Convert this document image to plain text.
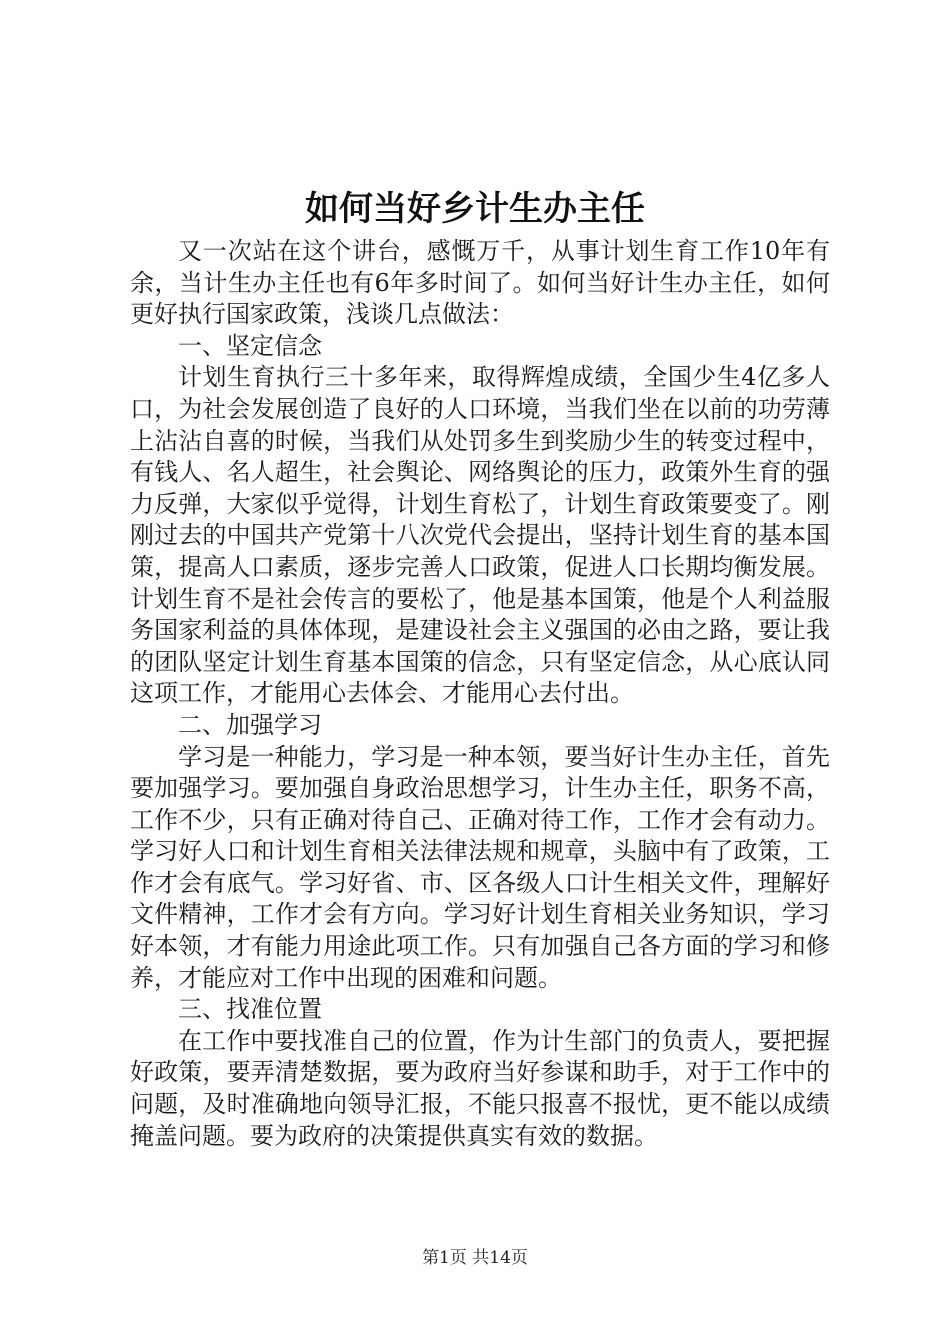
如何当好乡计生办主任

又一次站在这个讲台，感慨万千，从事计划生育工作10年有余，当计生办主任也有6年多时间了。如何当好计生办主任，如何更好执行国家政策，浅谈几点做法：

一、坚定信念

计划生育执行三十多年来，取得辉煌成绩，全国少生4亿多人口，为社会发展创造了良好的人口环境，当我们坐在以前的功劳薄上沾沾自喜的时候，当我们从处罚多生到奖励少生的转变过程中，有钱人、名人超生，社会舆论、网络舆论的压力，政策外生育的强力反弹，大家似乎觉得，计划生育松了，计划生育政策要变了。刚刚过去的中国共产党第十八次党代会提出，坚持计划生育的基本国策，提高人口素质，逐步完善人口政策，促进人口长期均衡发展。计划生育不是社会传言的要松了，他是基本国策，他是个人利益服务国家利益的具体体现，是建设社会主义强国的必由之路，要让我的团队坚定计划生育基本国策的信念，只有坚定信念，从心底认同这项工作，才能用心去体会、才能用心去付出。

二、加强学习

学习是一种能力，学习是一种本领，要当好计生办主任，首先要加强学习。要加强自身政治思想学习，计生办主任，职务不高，工作不少，只有正确对待自己、正确对待工作，工作才会有动力。学习好人口和计划生育相关法律法规和规章，头脑中有了政策，工作才会有底气。学习好省、市、区各级人口计生相关文件，理解好文件精神，工作才会有方向。学习好计划生育相关业务知识，学习好本领，才有能力用途此项工作。只有加强自己各方面的学习和修养，才能应对工作中出现的困难和问题。

三、找准位置

在工作中要找准自己的位置，作为计生部门的负责人，要把握好政策，要弄清楚数据，要为政府当好参谋和助手，对于工作中的问题，及时准确地向领导汇报，不能只报喜不报忧，更不能以成绩掩盖问题。要为政府的决策提供真实有效的数据。

第1页 共14页
